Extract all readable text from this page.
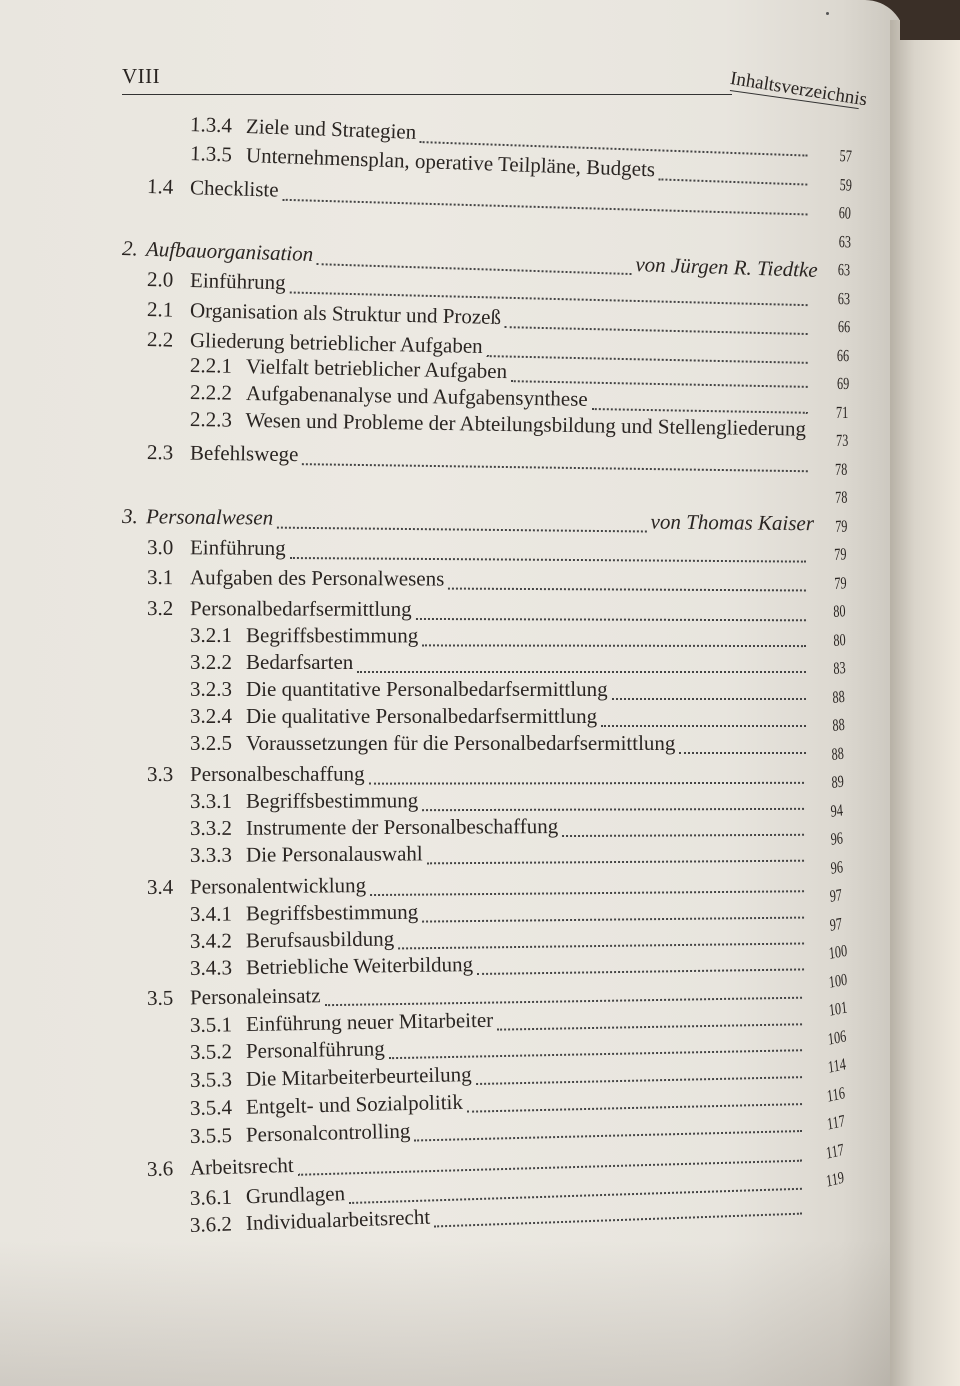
VIII	Inhaltsverzeichnis
1.3.4 Ziele und Strategien
1.3.5 Unternehmensplan, operative Teilpläne, Budgets
1.4 Checkliste
2. Aufbauorganisation
von Jürgen R. Tiedtke
2.0 Einführung
2.1 Organisation als Struktur und Prozeß
2.2 Gliederung betrieblicher Aufgaben
2.2.1 Vielfalt betrieblicher Aufgaben
2.2.2 Aufgabenanalyse und Aufgabensynthese
2.2.3 Wesen und Probleme der Abteilungsbildung und Stellengliederung
2.3 Befehlswege
3. Personalwesen	von Thomas Kaiser
3.0 Einführung
3.1 Aufgaben des Personalwesens
3.2 Personalbedarfsermittlung
3.2.1 Begriffsbestimmung
3.2.2 Bedarfsarten
3.2.3 Die quantitative Personalbedarfsermittlung
3.2.4 Die qualitative Personalbedarfsermittlung
3.2.5 Voraussetzungen für die Personalbedarfsermittlung
3.3 Personalbeschaffung
3.3.1 Begriffsbestimmung
3.3.2 Instrumente der Personalbeschaffung
3.3.3 Die Personalauswahl
3.4 Personalentwicklung
3.4.1 Begriffsbestimmung
3.4.2 Berufsausbildung
3.4.3 Betriebliche Weiterbildung
3.5 Personaleinsatz
3.5.1 Einführung neuer Mitarbeiter
3.5.2 Personalführung
3.5.3 Die Mitarbeiterbeurteilung
3.5.4 Entgelt- und Sozialpolitik
3.5.5 Personalcontrolling
3.6 Arbeitsrecht
3.6.1 Grundlagen
3.6.2 Individualarbeitsrecht
57
59
60
63
63
63
66
66
69
71
73
78
78
79
79
79
80
80
83
88
88
88
89
94
96
96
97
97
100
100
101
106
114
116
117
117
119
